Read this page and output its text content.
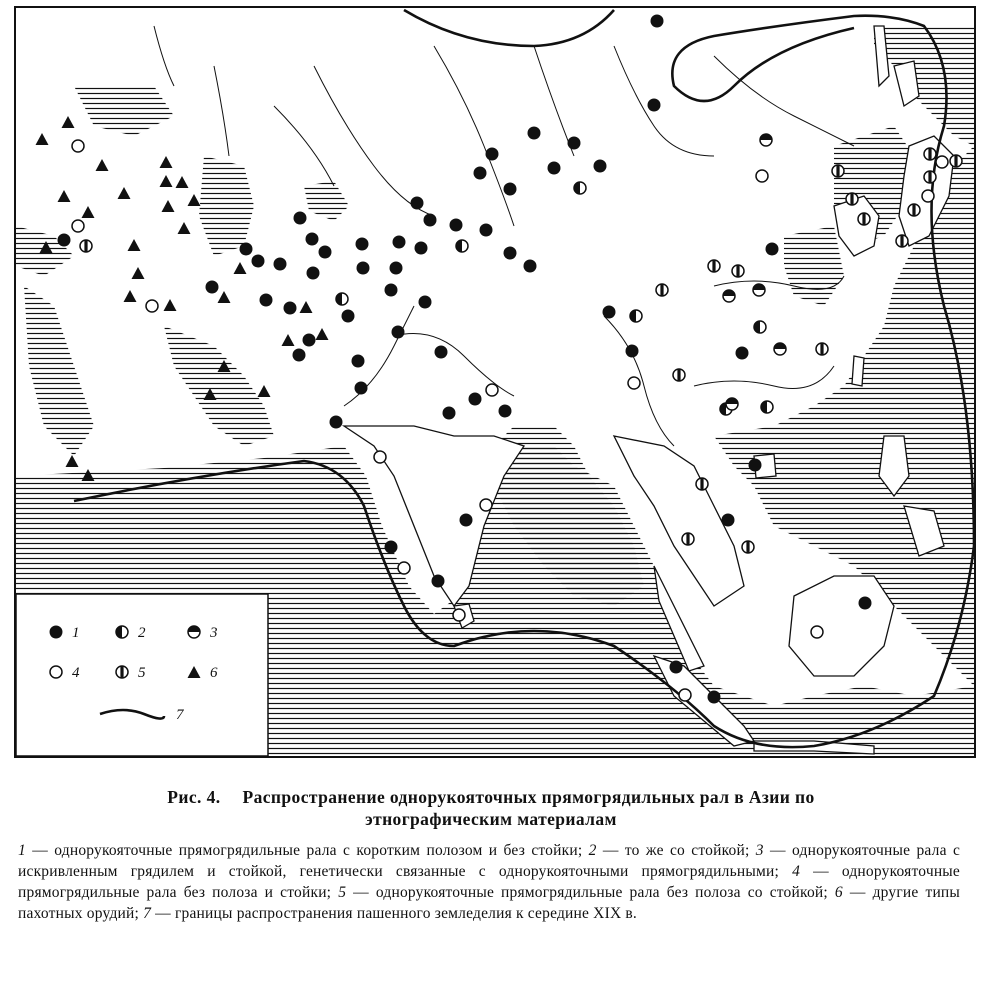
1	2	3
4	5	6
7
Рис. 4. Распространение однорукояточных прямогрядильных рал в Азии по
этнографическим материалам
1 — однорукояточные прямогрядильные рала с коротким полозом и без стойки; 2 — то же со стойкой; 3 — однорукояточные рала с искривленным грядилем и стойкой, генетически связанные с однорукояточными прямогрядильными; 4 — однорукояточные прямогрядильные рала без полоза и стойки; 5 — однорукояточные прямогрядильные рала без полоза со стойкой; 6 — другие типы пахотных орудий; 7 — границы распространения пашенного земледелия к середине XIX в.
